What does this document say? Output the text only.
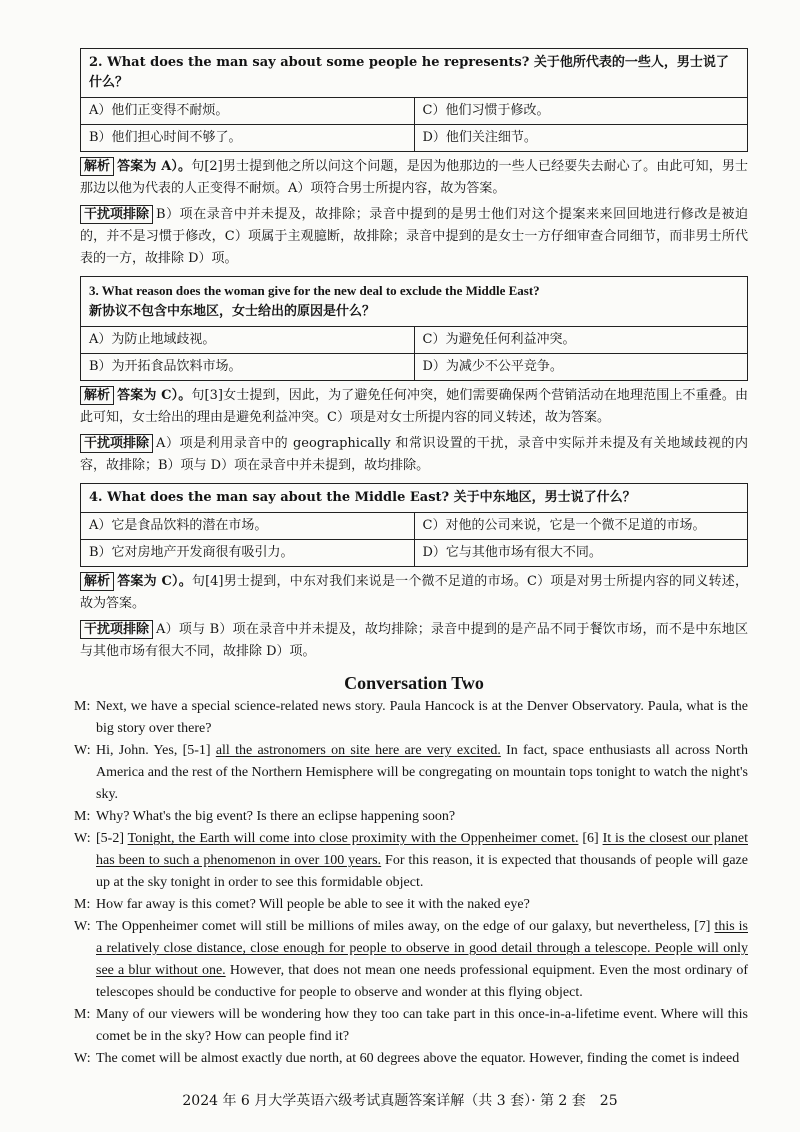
2. What does the man say about some people he represents? 关于他所代表的一些人，男士说了什么？	
A）他们正变得不耐烦。	C）他们习惯于修改。
B）他们担心时间不够了。	D）他们关注细节。

解析 答案为 A）。句[2]男士提到他之所以问这个问题，是因为他那边的一些人已经要失去耐心了。由此可知，男士那边以他为代表的人正变得不耐烦。A）项符合男士所提内容，故为答案。

干扰项排除 B）项在录音中并未提及，故排除；录音中提到的是男士他们对这个提案来来回回地进行修改是被迫的，并不是习惯于修改，C）项属于主观臆断，故排除；录音中提到的是女士一方仔细审查合同细节，而非男士所代表的一方，故排除 D）项。

3. What reason does the woman give for the new deal to exclude the Middle East?
新协议不包含中东地区，女士给出的原因是什么？	
A）为防止地域歧视。	C）为避免任何利益冲突。
B）为开拓食品饮料市场。	D）为减少不公平竞争。

解析 答案为 C）。句[3]女士提到，因此，为了避免任何冲突，她们需要确保两个营销活动在地理范围上不重叠。由此可知，女士给出的理由是避免利益冲突。C）项是对女士所提内容的同义转述，故为答案。

干扰项排除 A）项是利用录音中的 geographically 和常识设置的干扰，录音中实际并未提及有关地域歧视的内容，故排除；B）项与 D）项在录音中并未提到，故均排除。

4. What does the man say about the Middle East? 关于中东地区，男士说了什么？	
A）它是食品饮料的潜在市场。	C）对他的公司来说，它是一个微不足道的市场。
B）它对房地产开发商很有吸引力。	D）它与其他市场有很大不同。

解析 答案为 C）。句[4]男士提到，中东对我们来说是一个微不足道的市场。C）项是对男士所提内容的同义转述，故为答案。

干扰项排除 A）项与 B）项在录音中并未提及，故均排除；录音中提到的是产品不同于餐饮市场，而不是中东地区与其他市场有很大不同，故排除 D）项。

Conversation Two
M: Next, we have a special science-related news story. Paula Hancock is at the Denver Observatory. Paula, what is the big story over there?
W: Hi, John. Yes, [5-1] all the astronomers on site here are very excited. In fact, space enthusiasts all across North America and the rest of the Northern Hemisphere will be congregating on mountain tops tonight to watch the night's sky.
M: Why? What's the big event? Is there an eclipse happening soon?
W: [5-2] Tonight, the Earth will come into close proximity with the Oppenheimer comet. [6] It is the closest our planet has been to such a phenomenon in over 100 years. For this reason, it is expected that thousands of people will gaze up at the sky tonight in order to see this formidable object.
M: How far away is this comet? Will people be able to see it with the naked eye?
W: The Oppenheimer comet will still be millions of miles away, on the edge of our galaxy, but nevertheless, [7] this is a relatively close distance, close enough for people to observe in good detail through a telescope. People will only see a blur without one. However, that does not mean one needs professional equipment. Even the most ordinary of telescopes should be conductive for people to observe and wonder at this flying object.
M: Many of our viewers will be wondering how they too can take part in this once-in-a-lifetime event. Where will this comet be in the sky? How can people find it?
W: The comet will be almost exactly due north, at 60 degrees above the equator. However, finding the comet is indeed
2024 年 6 月大学英语六级考试真题答案详解（共 3 套）· 第 2 套　25
